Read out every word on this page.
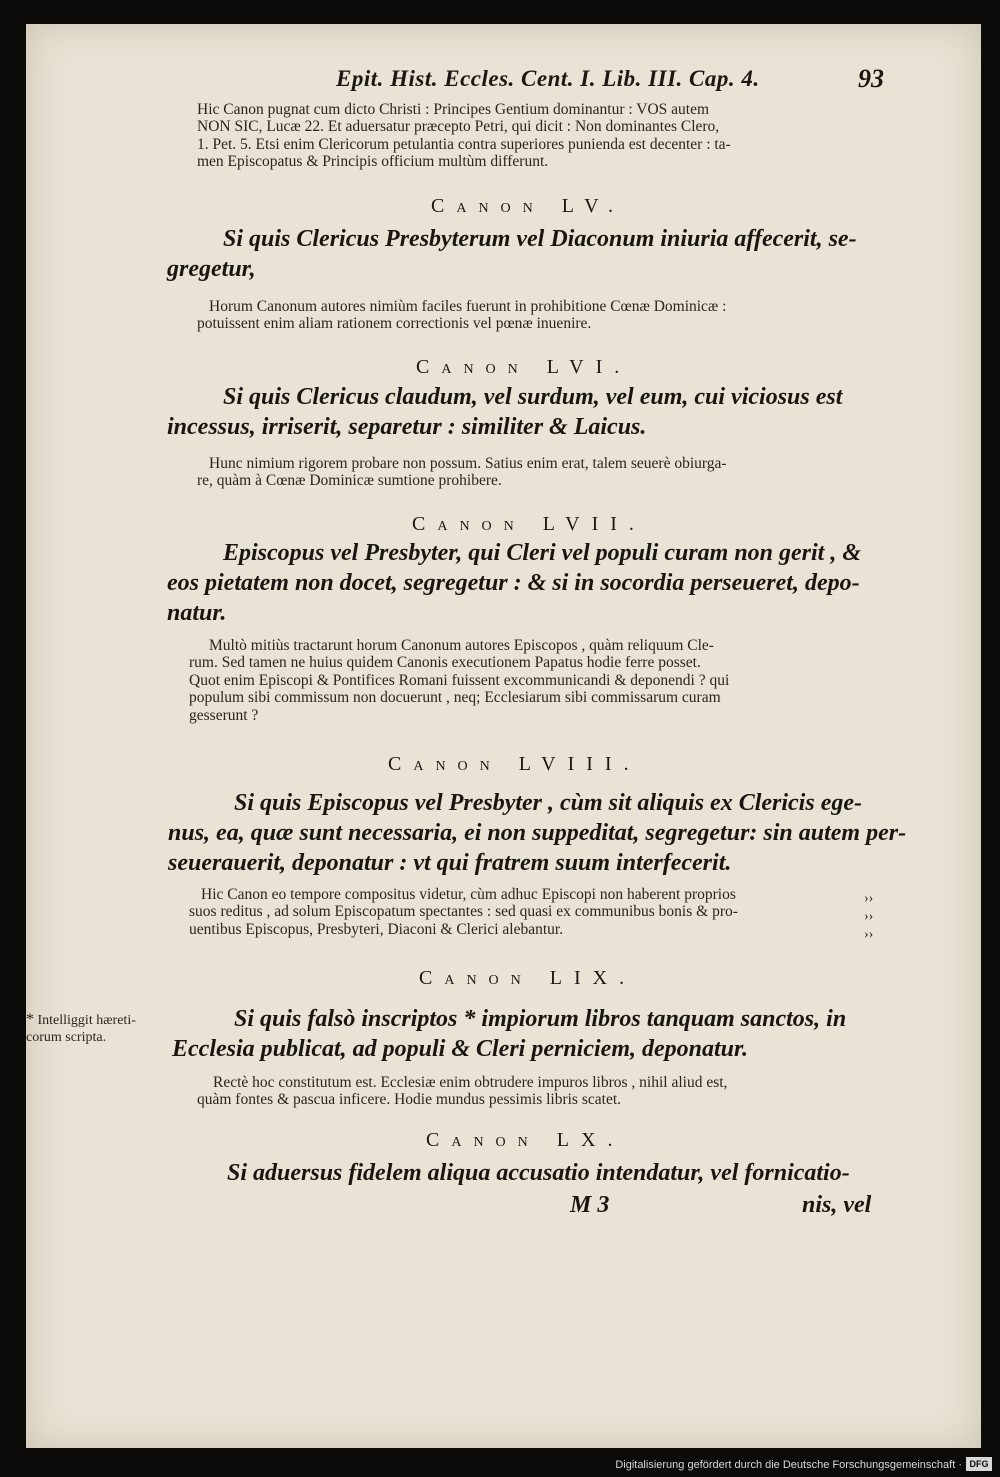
Epit. Hist. Eccles. Cent. I. Lib. III. Cap. 4.	93
Hic Canon pugnat cum dicto Christi : Principes Gentium dominantur : VOS autem
NON SIC, Lucæ 22. Et aduersatur præcepto Petri, qui dicit : Non dominantes Clero,
1. Pet. 5. Etsi enim Clericorum petulantia contra superiores punienda est decenter : ta-
men Episcopatus & Principis officium multùm differunt.
Canon LV.
Si quis Clericus Presbyterum vel Diaconum iniuria affecerit, se-
gregetur,
Horum Canonum autores nimiùm faciles fuerunt in prohibitione Cœnæ Dominicæ :
potuissent enim aliam rationem correctionis vel pœnæ inuenire.
Canon LVI.
Si quis Clericus claudum, vel surdum, vel eum, cui viciosus est
incessus, irriserit, separetur : similiter & Laicus.
Hunc nimium rigorem probare non possum. Satius enim erat, talem seuerè obiurga-
re, quàm à Cœnæ Dominicæ sumtione prohibere.
Canon LVII.
Episcopus vel Presbyter, qui Cleri vel populi curam non gerit , &
eos pietatem non docet, segregetur : & si in socordia perseueret, depo-
natur.
Multò mitiùs tractarunt horum Canonum autores Episcopos , quàm reliquum Cle-
rum. Sed tamen ne huius quidem Canonis executionem Papatus hodie ferre posset.
Quot enim Episcopi & Pontifices Romani fuissent excommunicandi & deponendi ? qui
populum sibi commissum non docuerunt , neq; Ecclesiarum sibi commissarum curam
gesserunt ?
Canon LVIII.
Si quis Episcopus vel Presbyter , cùm sit aliquis ex Clericis ege-
nus, ea, quæ sunt necessaria, ei non suppeditat, segregetur: sin autem per-
seuerauerit, deponatur : vt qui fratrem suum interfecerit.
Hic Canon eo tempore compositus videtur, cùm adhuc Episcopi non haberent proprios
suos reditus , ad solum Episcopatum spectantes : sed quasi ex communibus bonis & pro-
uentibus Episcopus, Presbyteri, Diaconi & Clerici alebantur.
››
››
››
Canon LIX.
Si quis falsò inscriptos * impiorum libros tanquam sanctos, in
Ecclesia publicat, ad populi & Cleri perniciem, deponatur.
* Intelliggit hæreti-
corum scripta.
Rectè hoc constitutum est. Ecclesiæ enim obtrudere impuros libros , nihil aliud est,
quàm fontes & pascua inficere. Hodie mundus pessimis libris scatet.
Canon LX.
Si aduersus fidelem aliqua accusatio intendatur, vel fornicatio-
M 3	nis, vel
Digitalisierung gefördert durch die Deutsche Forschungsgemeinschaft · DFG
